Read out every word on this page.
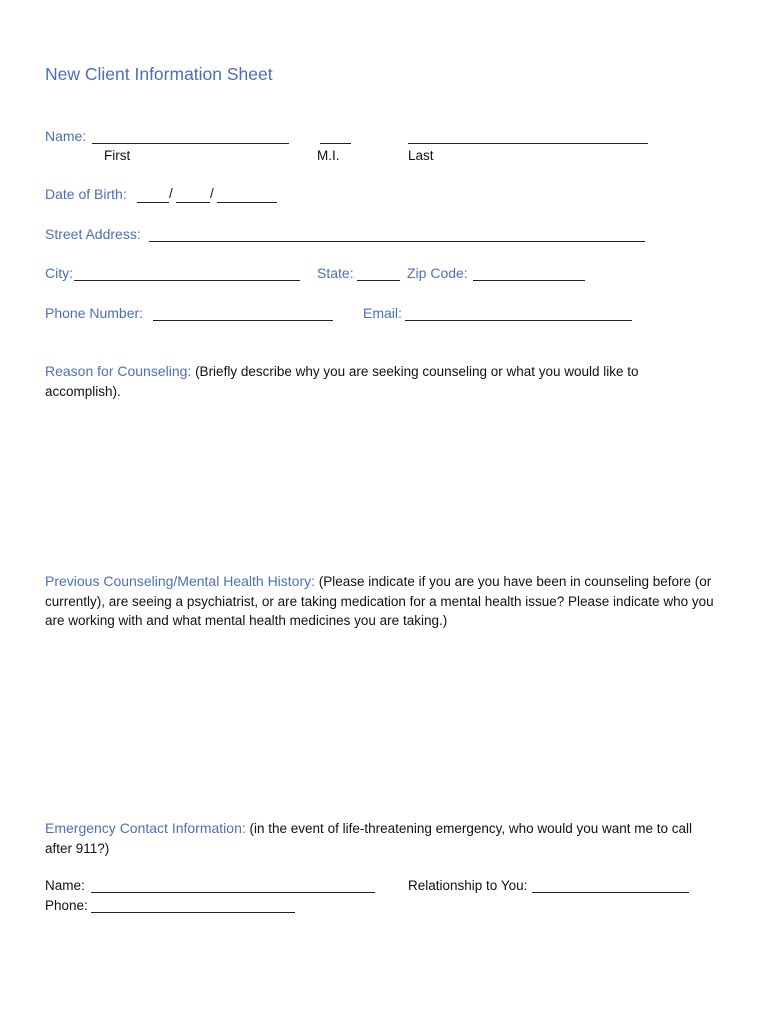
New Client Information Sheet
Name:
First	M.I.	Last
Date of Birth:	/	/
Street Address:
City:	State:	Zip Code:
Phone Number:	Email:
Reason for Counseling: (Briefly describe why you are seeking counseling or what you would like to accomplish).
Previous Counseling/Mental Health History: (Please indicate if you are you have been in counseling before (or currently), are seeing a psychiatrist, or are taking medication for a mental health issue? Please indicate who you are working with and what mental health medicines you are taking.)
Emergency Contact Information: (in the event of life-threatening emergency, who would you want me to call after 911?)
Name:	Relationship to You:
Phone:
